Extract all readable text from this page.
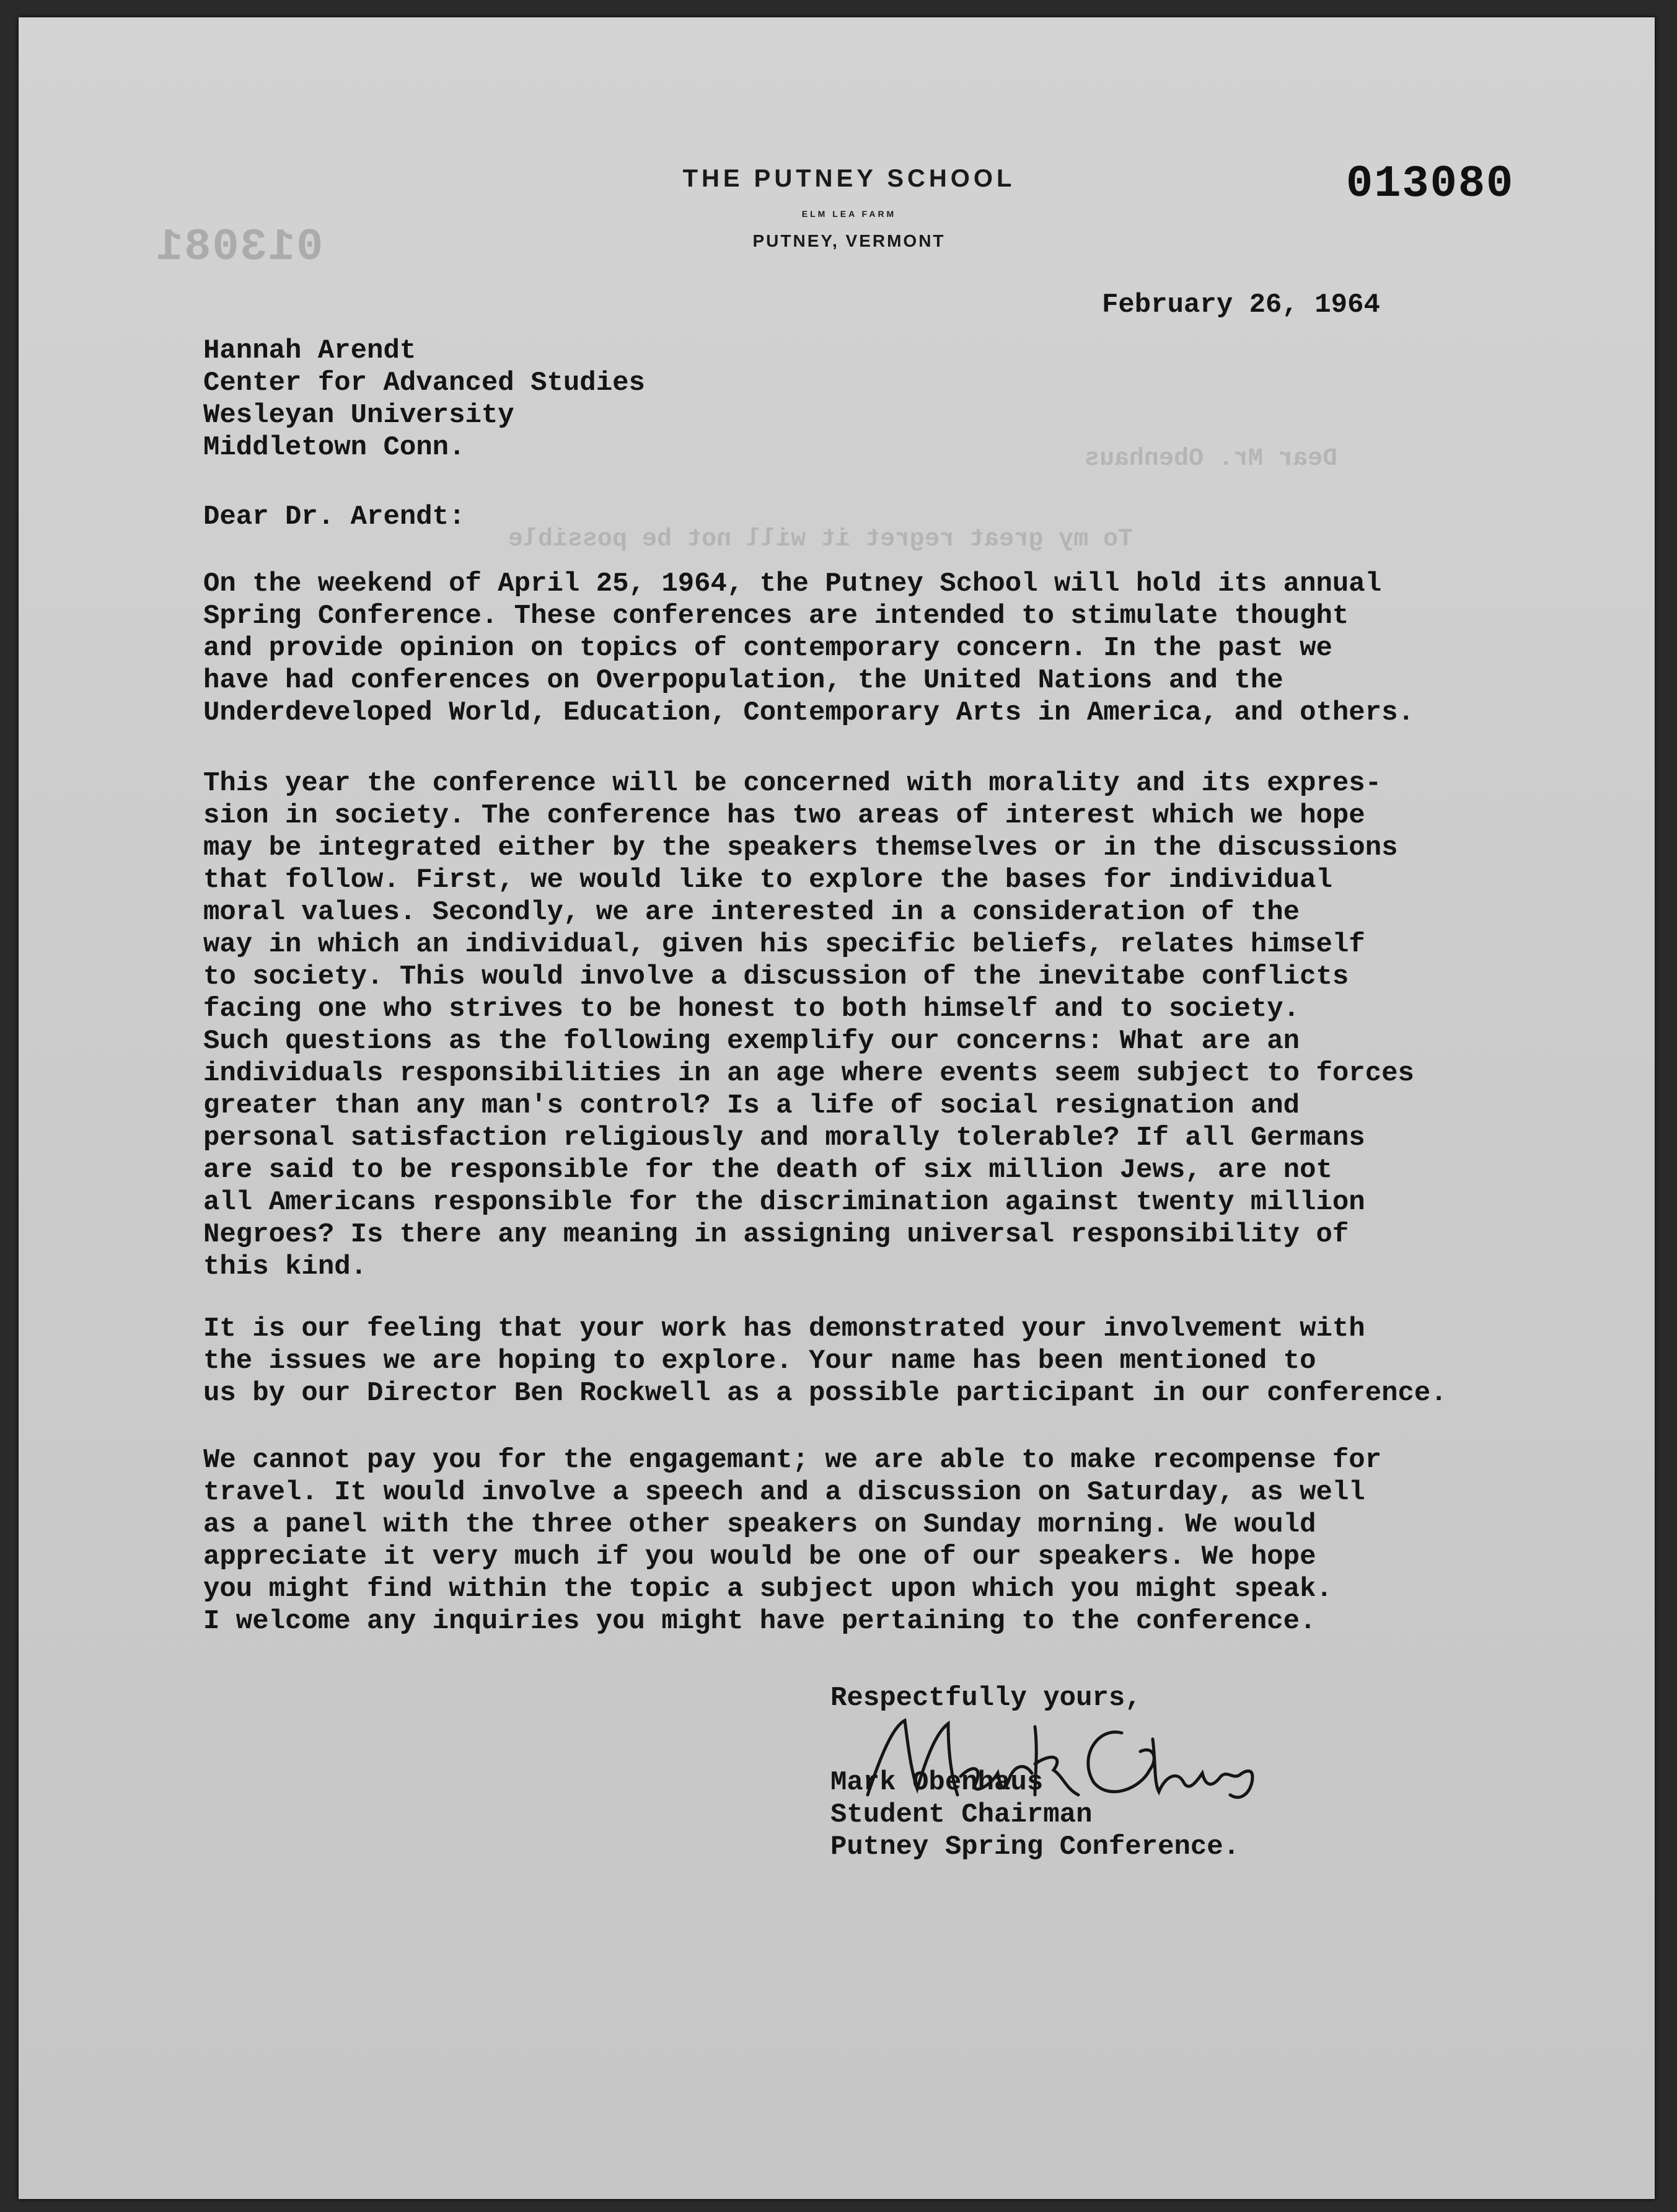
THE PUTNEY SCHOOL
ELM LEA FARM
PUTNEY, VERMONT
013080
013081
Dear Mr. Obenhaus
To my great regret it will not be possible
February 26, 1964
Hannah Arendt
Center for Advanced Studies
Wesleyan University
Middletown Conn.
Dear Dr. Arendt:
On the weekend of April 25, 1964, the Putney School will hold its annual
Spring Conference. These conferences are intended to stimulate thought
and provide opinion on topics of contemporary concern. In the past we
have had conferences on Overpopulation, the United Nations and the
Underdeveloped World, Education, Contemporary Arts in America, and others.
This year the conference will be concerned with morality and its expres-
sion in society. The conference has two areas of interest which we hope
may be integrated either by the speakers themselves or in the discussions
that follow. First, we would like to explore the bases for individual
moral values. Secondly, we are interested in a consideration of the
way in which an individual, given his specific beliefs, relates himself
to society. This would involve a discussion of the inevitabe conflicts
facing one who strives to be honest to both himself and to society.
Such questions as the following exemplify our concerns: What are an
individuals responsibilities in an age where events seem subject to forces
greater than any man's control? Is a life of social resignation and
personal satisfaction religiously and morally tolerable? If all Germans
are said to be responsible for the death of six million Jews, are not
all Americans responsible for the discrimination against twenty million
Negroes? Is there any meaning in assigning universal responsibility of
this kind.
It is our feeling that your work has demonstrated your involvement with
the issues we are hoping to explore. Your name has been mentioned to
us by our Director Ben Rockwell as a possible participant in our conference.
We cannot pay you for the engagemant; we are able to make recompense for
travel. It would involve a speech and a discussion on Saturday, as well
as a panel with the three other speakers on Sunday morning. We would
appreciate it very much if you would be one of our speakers. We hope
you might find within the topic a subject upon which you might speak.
I welcome any inquiries you might have pertaining to the conference.
Respectfully yours,
Mark Obenhaus
Student Chairman
Putney Spring Conference.
